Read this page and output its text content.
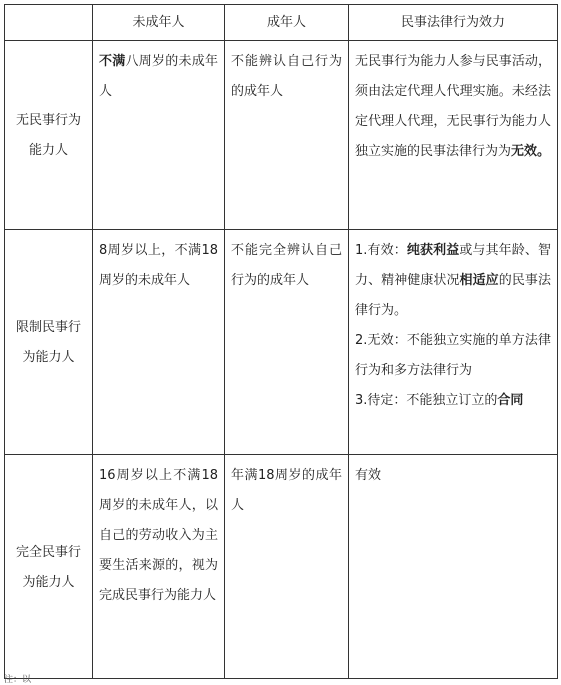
	未成年人	成年人	民事法律行为效力
无民事行为能力人	不满八周岁的未成年人	不能辨认自己行为的成年人	无民事行为能力人参与民事活动，须由法定代理人代理实施。未经法定代理人代理，无民事行为能力人独立实施的民事法律行为为无效。
限制民事行为能力人	8周岁以上，不满18周岁的未成年人	不能完全辨认自己行为的成年人	1.有效：纯获利益或与其年龄、智力、精神健康状况相适应的民事法律行为。
2.无效：不能独立实施的单方法律行为和多方法律行为
3.待定：不能独立订立的合同

完全民事行为能力人	16周岁以上不满18周岁的未成年人，以自己的劳动收入为主要生活来源的，视为完成民事行为能力人	年满18周岁的成年人	有效
注：以
